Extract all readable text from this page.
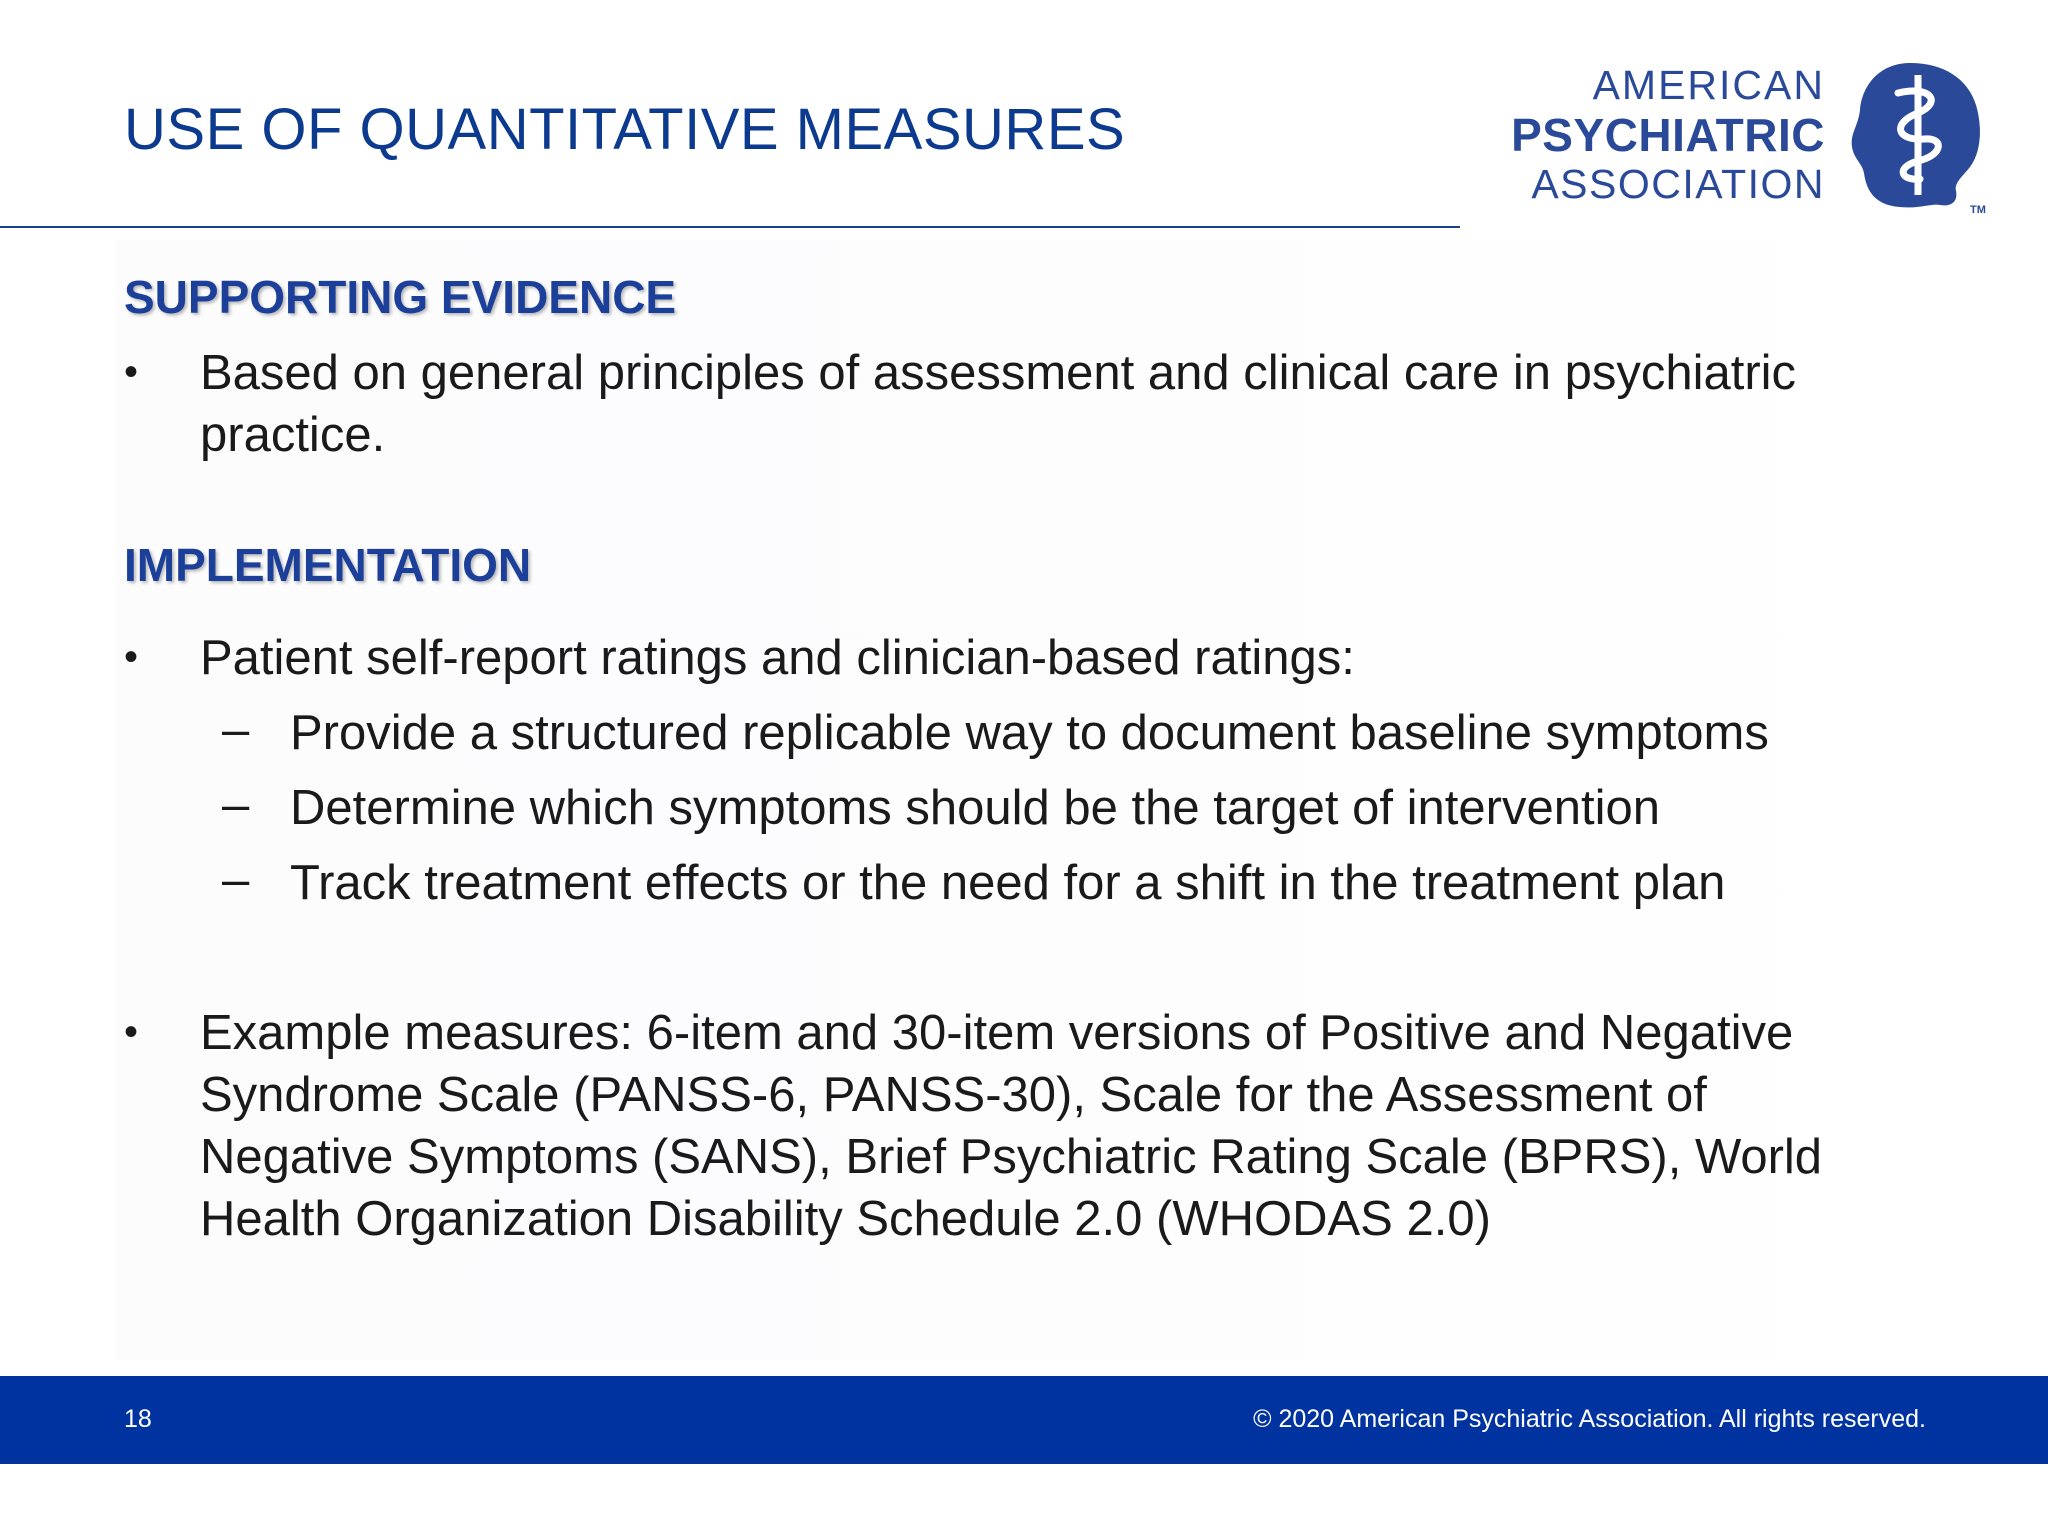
USE OF QUANTITATIVE MEASURES
AMERICAN
PSYCHIATRIC
ASSOCIATION
TM
SUPPORTING EVIDENCE
• Based on general principles of assessment and clinical care in psychiatric practice.
IMPLEMENTATION
• Patient self-report ratings and clinician-based ratings:
– Provide a structured replicable way to document baseline symptoms
– Determine which symptoms should be the target of intervention
– Track treatment effects or the need for a shift in the treatment plan
• Example measures: 6-item and 30-item versions of Positive and Negative Syndrome Scale (PANSS-6, PANSS-30), Scale for the Assessment of Negative Symptoms (SANS), Brief Psychiatric Rating Scale (BPRS), World Health Organization Disability Schedule 2.0 (WHODAS 2.0)
18	© 2020 American Psychiatric Association. All rights reserved.
